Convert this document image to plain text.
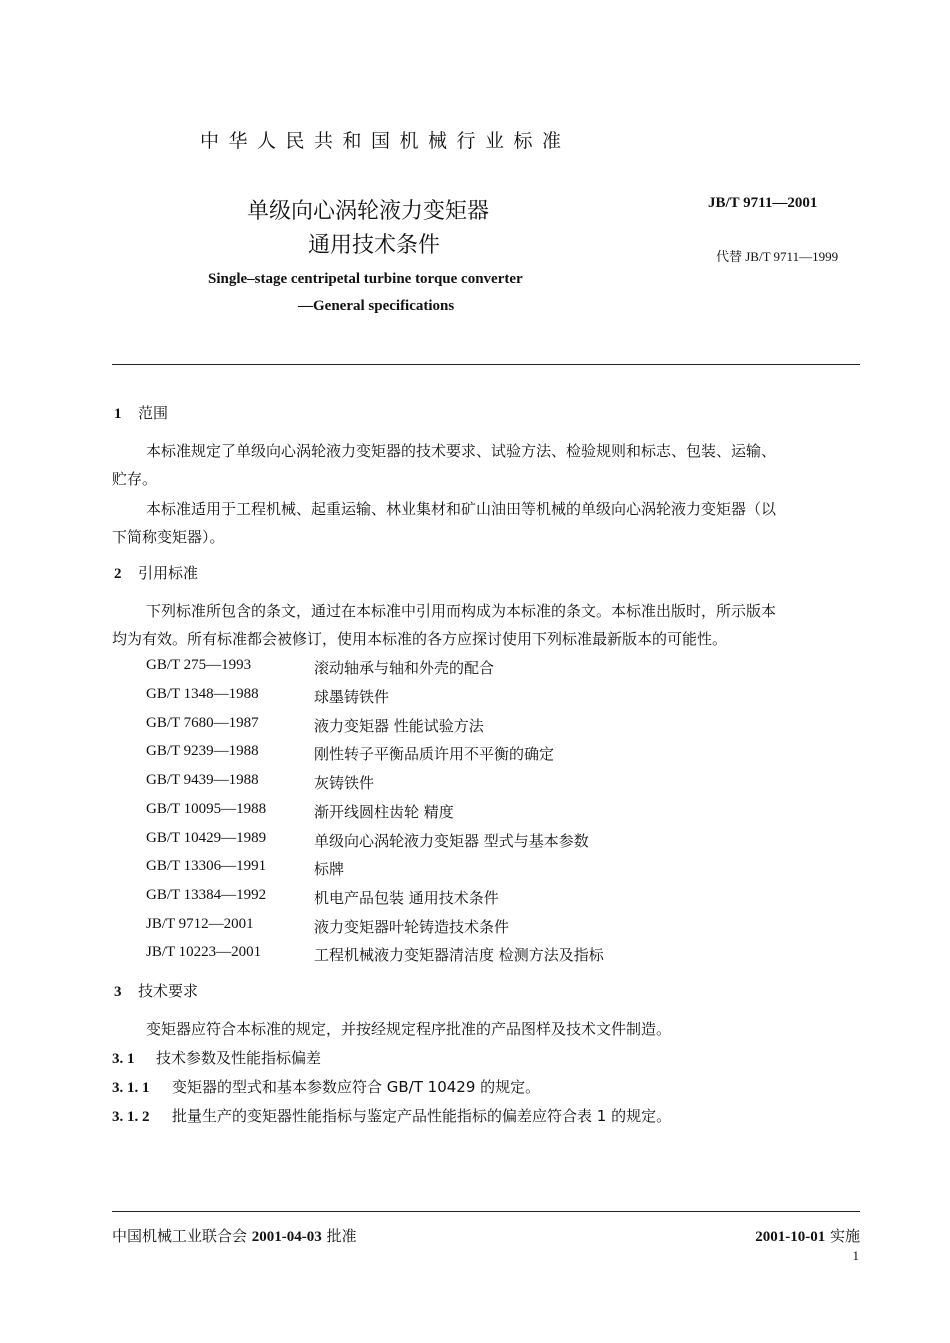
中华人民共和国机械行业标准
单级向心涡轮液力变矩器
通用技术条件
JB/T 9711—2001
代替 JB/T 9711—1999
Single–stage centripetal turbine torque converter
—General specifications
1 范围
本标准规定了单级向心涡轮液力变矩器的技术要求、试验方法、检验规则和标志、包装、运输、
贮存。
本标准适用于工程机械、起重运输、林业集材和矿山油田等机械的单级向心涡轮液力变矩器（以
下简称变矩器）。
2 引用标准
下列标准所包含的条文，通过在本标准中引用而构成为本标准的条文。本标准出版时，所示版本
均为有效。所有标准都会被修订，使用本标准的各方应探讨使用下列标准最新版本的可能性。
GB/T 275—1993	滚动轴承与轴和外壳的配合
GB/T 1348—1988	球墨铸铁件
GB/T 7680—1987	液力变矩器 性能试验方法
GB/T 9239—1988	刚性转子平衡品质许用不平衡的确定
GB/T 9439—1988	灰铸铁件
GB/T 10095—1988	渐开线圆柱齿轮 精度
GB/T 10429—1989	单级向心涡轮液力变矩器 型式与基本参数
GB/T 13306—1991	标牌
GB/T 13384—1992	机电产品包装 通用技术条件
JB/T 9712—2001	液力变矩器叶轮铸造技术条件
JB/T 10223—2001	工程机械液力变矩器清洁度 检测方法及指标
3 技术要求
变矩器应符合本标准的规定，并按经规定程序批准的产品图样及技术文件制造。
3. 1 技术参数及性能指标偏差
3. 1. 1 变矩器的型式和基本参数应符合 GB/T 10429 的规定。
3. 1. 2 批量生产的变矩器性能指标与鉴定产品性能指标的偏差应符合表 1 的规定。
中国机械工业联合会 2001-04-03 批准	2001-10-01 实施
1
